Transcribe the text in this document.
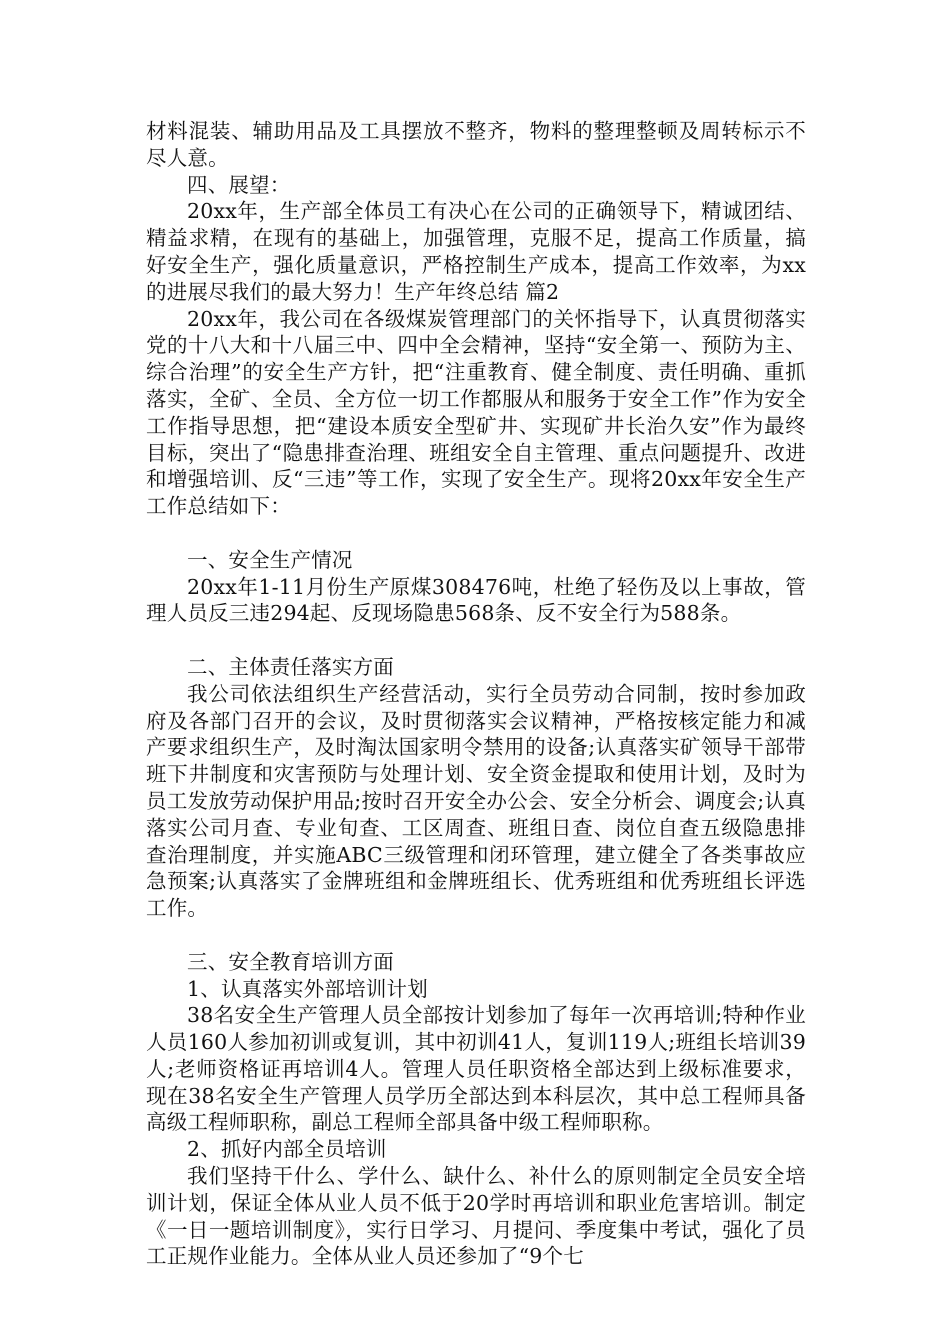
材料混装、辅助用品及工具摆放不整齐，物料的整理整顿及周转标示不尽人意。

四、展望：

20xx年，生产部全体员工有决心在公司的正确领导下，精诚团结、精益求精，在现有的基础上，加强管理，克服不足，提高工作质量，搞好安全生产，强化质量意识，严格控制生产成本，提高工作效率，为xx的进展尽我们的最大努力！生产年终总结 篇2

20xx年，我公司在各级煤炭管理部门的关怀指导下，认真贯彻落实党的十八大和十八届三中、四中全会精神，坚持“安全第一、预防为主、综合治理”的安全生产方针，把“注重教育、健全制度、责任明确、重抓落实，全矿、全员、全方位一切工作都服从和服务于安全工作”作为安全工作指导思想，把“建设本质安全型矿井、实现矿井长治久安”作为最终目标，突出了“隐患排查治理、班组安全自主管理、重点问题提升、改进和增强培训、反“三违”等工作，实现了安全生产。现将20xx年安全生产工作总结如下：

一、安全生产情况

20xx年1-11月份生产原煤308476吨，杜绝了轻伤及以上事故，管理人员反三违294起、反现场隐患568条、反不安全行为588条。

二、主体责任落实方面

我公司依法组织生产经营活动，实行全员劳动合同制，按时参加政府及各部门召开的会议，及时贯彻落实会议精神，严格按核定能力和减产要求组织生产，及时淘汰国家明令禁用的设备;认真落实矿领导干部带班下井制度和灾害预防与处理计划、安全资金提取和使用计划，及时为员工发放劳动保护用品;按时召开安全办公会、安全分析会、调度会;认真落实公司月查、专业旬查、工区周查、班组日查、岗位自查五级隐患排查治理制度，并实施ABC三级管理和闭环管理，建立健全了各类事故应急预案;认真落实了金牌班组和金牌班组长、优秀班组和优秀班组长评选工作。

三、安全教育培训方面

1、认真落实外部培训计划

38名安全生产管理人员全部按计划参加了每年一次再培训;特种作业人员160人参加初训或复训，其中初训41人，复训119人;班组长培训39人;老师资格证再培训4人。管理人员任职资格全部达到上级标准要求，现在38名安全生产管理人员学历全部达到本科层次，其中总工程师具备高级工程师职称，副总工程师全部具备中级工程师职称。

2、抓好内部全员培训

我们坚持干什么、学什么、缺什么、补什么的原则制定全员安全培训计划，保证全体从业人员不低于20学时再培训和职业危害培训。制定《一日一题培训制度》，实行日学习、月提问、季度集中考试，强化了员工正规作业能力。全体从业人员还参加了“9个七
